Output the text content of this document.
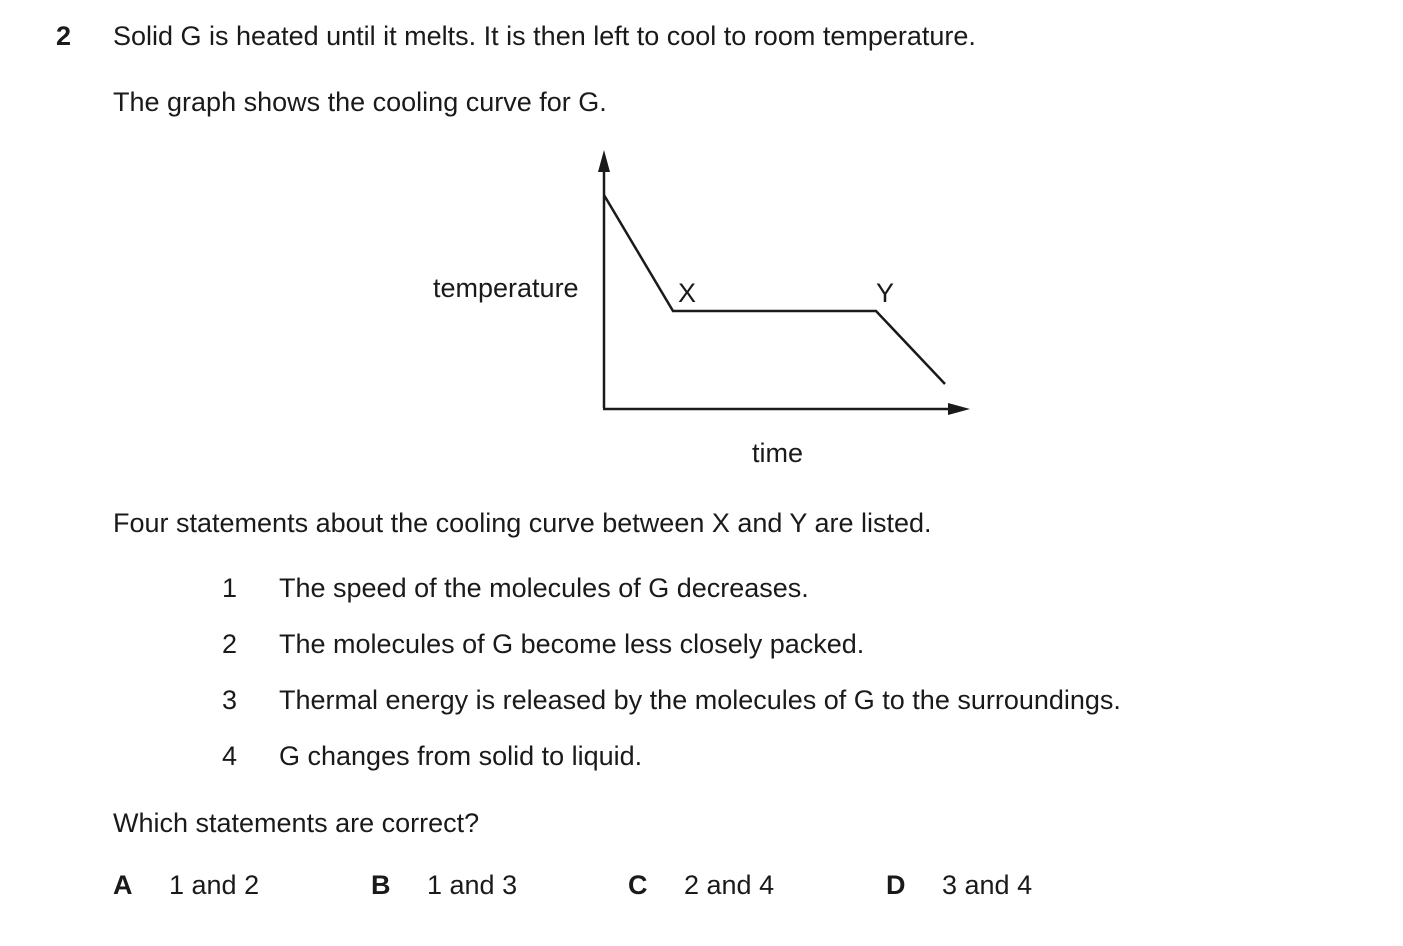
2 Solid G is heated until it melts. It is then left to cool to room temperature.
The graph shows the cooling curve for G.
temperature
time
X	Y
Four statements about the cooling curve between X and Y are listed.
1 The speed of the molecules of G decreases.
2 The molecules of G become less closely packed.
3 Thermal energy is released by the molecules of G to the surroundings.
4 G changes from solid to liquid.
Which statements are correct?
A 1 and 2	B 1 and 3	C 2 and 4	D 3 and 4
